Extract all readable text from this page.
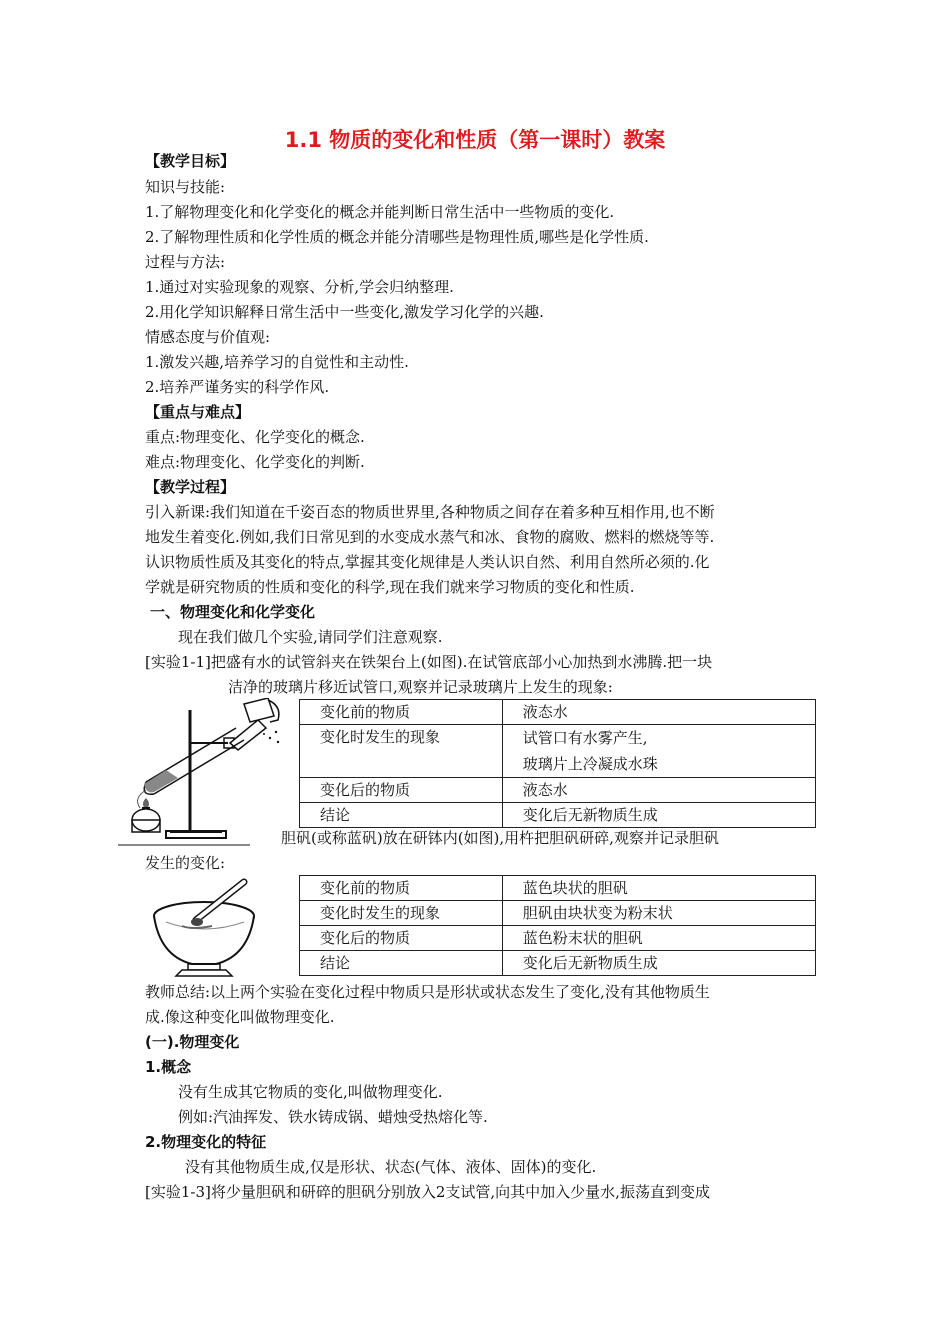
1.1 物质的变化和性质（第一课时）教案
【教学目标】
知识与技能:
1.了解物理变化和化学变化的概念并能判断日常生活中一些物质的变化.
2.了解物理性质和化学性质的概念并能分清哪些是物理性质,哪些是化学性质.
过程与方法:
1.通过对实验现象的观察、分析,学会归纳整理.
2.用化学知识解释日常生活中一些变化,激发学习化学的兴趣.
情感态度与价值观:
1.激发兴趣,培养学习的自觉性和主动性.
2.培养严谨务实的科学作风.
【重点与难点】
重点:物理变化、化学变化的概念.
难点:物理变化、化学变化的判断.
【教学过程】
引入新课:我们知道在千姿百态的物质世界里,各种物质之间存在着多种互相作用,也不断
地发生着变化.例如,我们日常见到的水变成水蒸气和冰、食物的腐败、燃料的燃烧等等.
认识物质性质及其变化的特点,掌握其变化规律是人类认识自然、利用自然所必须的.化
学就是研究物质的性质和变化的科学,现在我们就来学习物质的变化和性质.
一、物理变化和化学变化
现在我们做几个实验,请同学们注意观察.
[实验1-1]把盛有水的试管斜夹在铁架台上(如图).在试管底部小心加热到水沸腾.把一块
洁净的玻璃片移近试管口,观察并记录玻璃片上发生的现象:
变化前的物质	液态水
变化时发生的现象	试管口有水雾产生,
玻璃片上冷凝成水珠
变化后的物质	液态水
结论	变化后无新物质生成
胆矾(或称蓝矾)放在研钵内(如图),用杵把胆矾研碎,观察并记录胆矾
发生的变化:
变化前的物质	蓝色块状的胆矾
变化时发生的现象	胆矾由块状变为粉末状
变化后的物质	蓝色粉末状的胆矾
结论	变化后无新物质生成
教师总结:以上两个实验在变化过程中物质只是形状或状态发生了变化,没有其他物质生
成.像这种变化叫做物理变化.
(一).物理变化
1.概念
没有生成其它物质的变化,叫做物理变化.
例如:汽油挥发、铁水铸成锅、蜡烛受热熔化等.
2.物理变化的特征
没有其他物质生成,仅是形状、状态(气体、液体、固体)的变化.
[实验1-3]将少量胆矾和研碎的胆矾分别放入2支试管,向其中加入少量水,振荡直到变成
